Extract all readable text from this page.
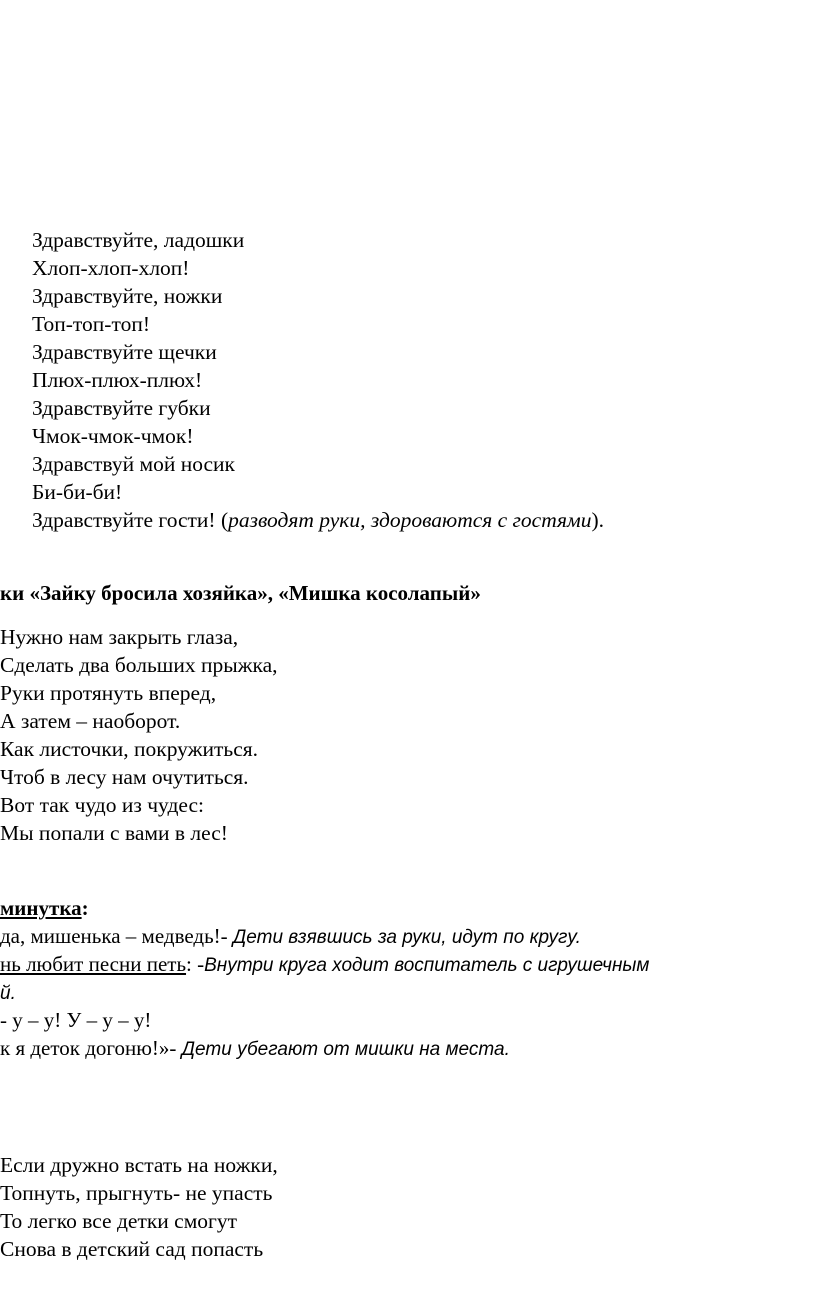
Здравствуйте, ладошки
Хлоп-хлоп-хлоп!
Здравствуйте, ножки
Топ-топ-топ!
Здравствуйте щечки
Плюх-плюх-плюх!
Здравствуйте губки
Чмок-чмок-чмок!
Здравствуй мой носик
Би-би-би!
Здравствуйте гости! (разводят руки, здороваются с гостями).
ки «Зайку бросила хозяйка», «Мишка косолапый»
Нужно нам закрыть глаза,
Сделать два больших прыжка,
Руки протянуть вперед,
А затем – наоборот.
Как листочки, покружиться.
Чтоб в лесу нам очутиться.
Вот так чудо из чудес:
Мы попали с вами в лес!
минутка:
да, мишенька – медведь!- Дети взявшись за руки, идут по кругу.
нь любит песни петь: -Внутри круга ходит воспитатель с игрушечным
й.
- у – у! У – у – у!
к я деток догоню!»- Дети убегают от мишки на места.
Если дружно встать на ножки,
Топнуть, прыгнуть- не упасть
То легко все детки смогут
Снова в детский сад попасть
